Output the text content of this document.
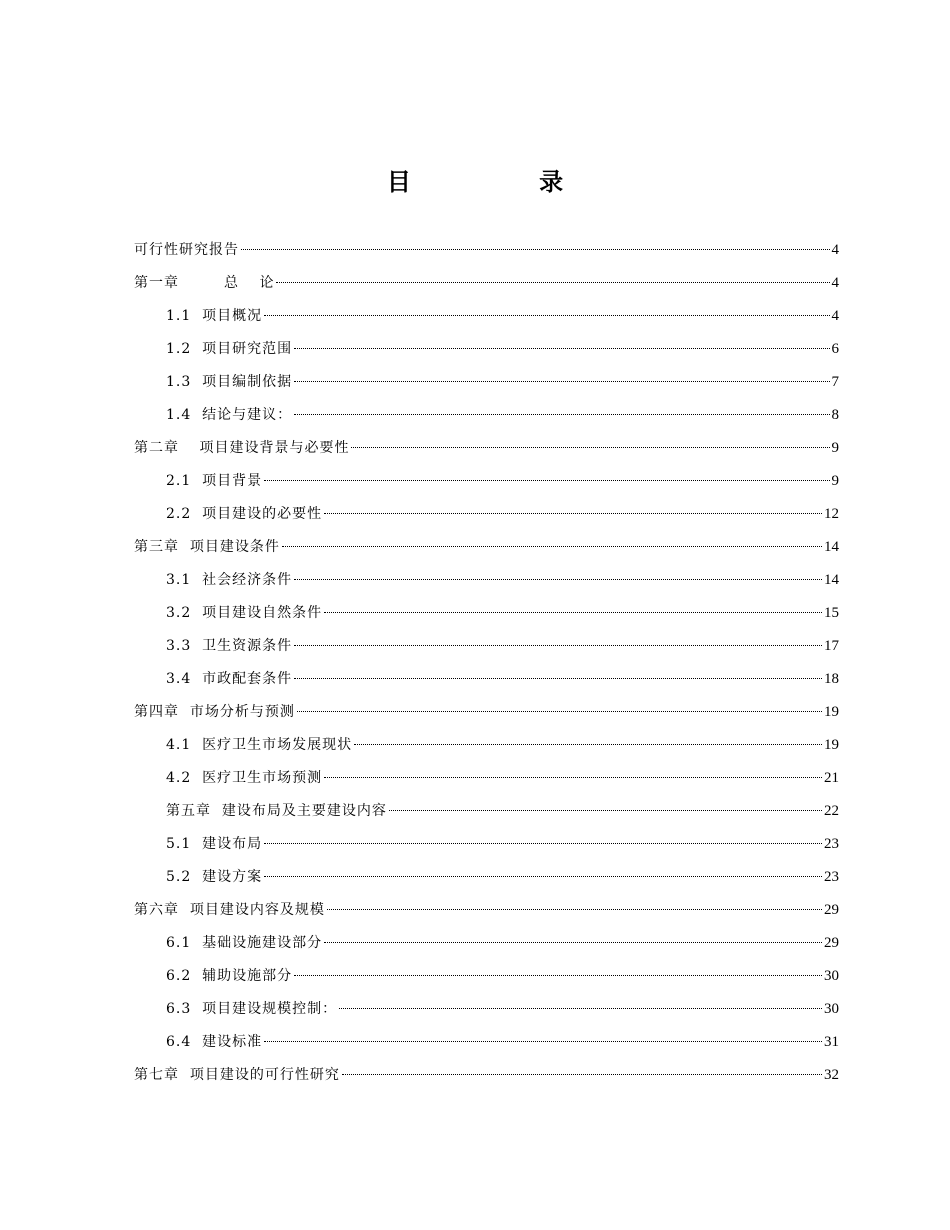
目 录
可行性研究报告	4
第一章　　　总　 论	4
1.1  项目概况	4
1.2  项目研究范围	6
1.3  项目编制依据	7
1.4  结论与建议：	8
第二章　 项目建设背景与必要性	9
2.1  项目背景	9
2.2  项目建设的必要性	12
第三章  项目建设条件	14
3.1  社会经济条件	14
3.2  项目建设自然条件	15
3.3  卫生资源条件	17
3.4  市政配套条件	18
第四章  市场分析与预测	19
4.1  医疗卫生市场发展现状	19
4.2  医疗卫生市场预测	21
第五章  建设布局及主要建设内容	22
5.1  建设布局	23
5.2  建设方案	23
第六章  项目建设内容及规模	29
6.1  基础设施建设部分	29
6.2  辅助设施部分	30
6.3  项目建设规模控制：	30
6.4  建设标准	31
第七章  项目建设的可行性研究	32
